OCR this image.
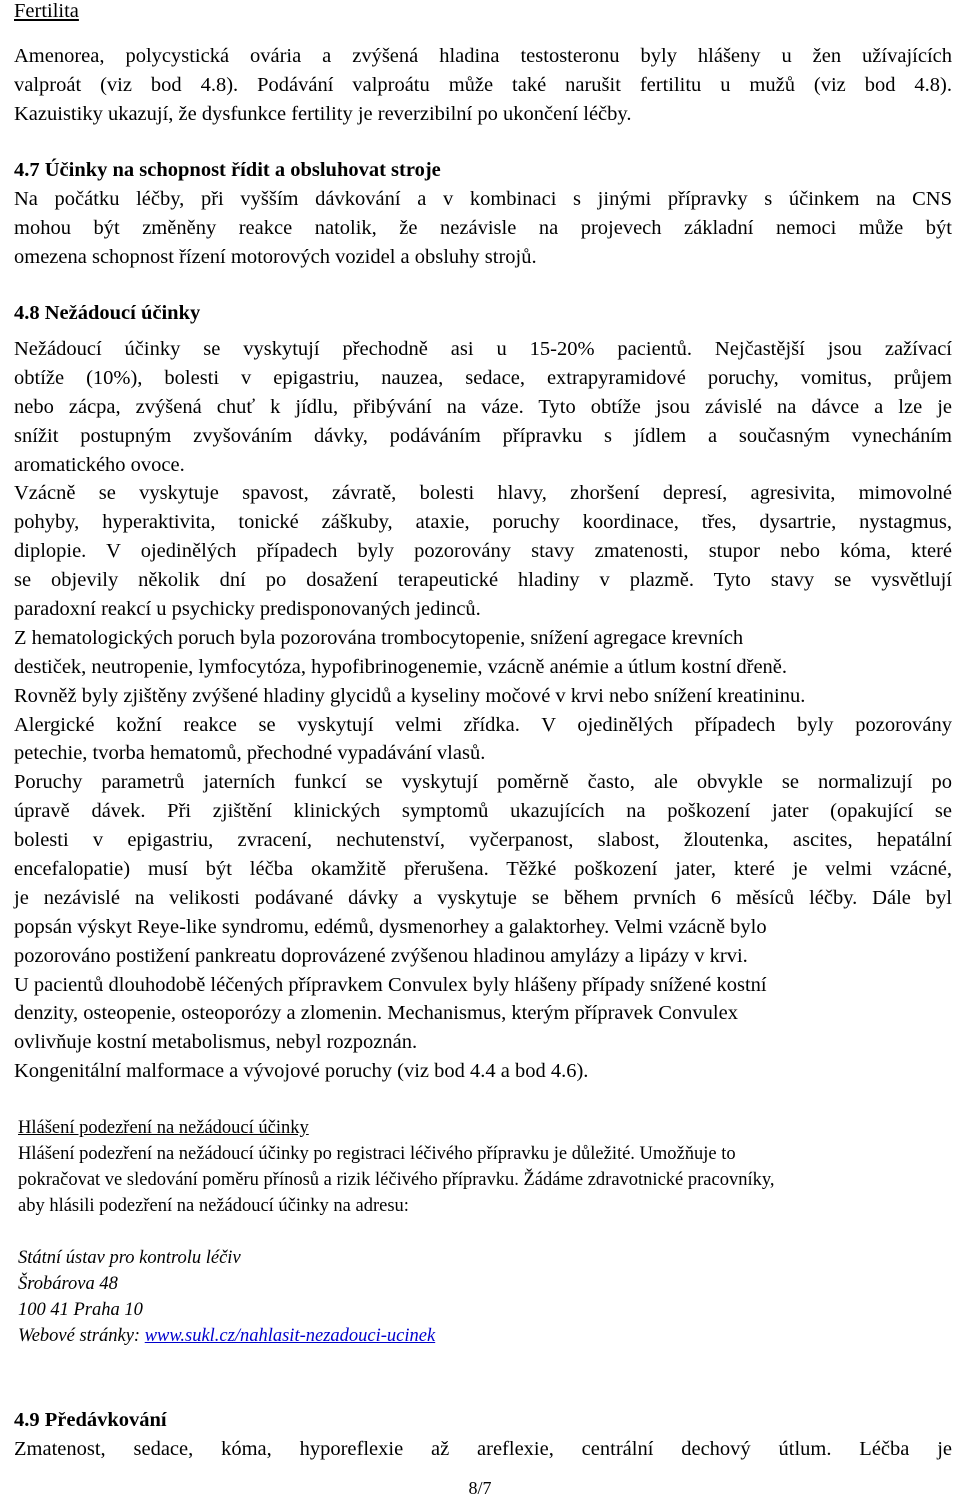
Fertilita
Amenorea, polycystická ovária a zvýšená hladina testosteronu byly hlášeny u žen užívajících
valproát (viz bod 4.8). Podávání valproátu může také narušit fertilitu u mužů (viz bod 4.8).
Kazuistiky ukazují, že dysfunkce fertility je reverzibilní po ukončení léčby.
4.7 Účinky na schopnost řídit a obsluhovat stroje
Na počátku léčby, při vyšším dávkování a v kombinaci s jinými přípravky s účinkem na CNS
mohou být změněny reakce natolik, že nezávisle na projevech základní nemoci může být
omezena schopnost řízení motorových vozidel a obsluhy strojů.
4.8 Nežádoucí účinky
Nežádoucí účinky se vyskytují přechodně asi u 15-20% pacientů. Nejčastější jsou zažívací
obtíže (10%), bolesti v epigastriu, nauzea, sedace, extrapyramidové poruchy, vomitus, průjem
nebo zácpa, zvýšená chuť k jídlu, přibývání na váze. Tyto obtíže jsou závislé na dávce a lze je
snížit postupným zvyšováním dávky, podáváním přípravku s jídlem a současným vynecháním
aromatického ovoce.
Vzácně se vyskytuje spavost, závratě, bolesti hlavy, zhoršení depresí, agresivita, mimovolné
pohyby, hyperaktivita, tonické záškuby, ataxie, poruchy koordinace, třes, dysartrie, nystagmus,
diplopie. V ojedinělých případech byly pozorovány stavy zmatenosti, stupor nebo kóma, které
se objevily několik dní po dosažení terapeutické hladiny v plazmě. Tyto stavy se vysvětlují
paradoxní reakcí u psychicky predisponovaných jedinců.
Z hematologických poruch byla pozorována trombocytopenie, snížení agregace krevních
destiček, neutropenie, lymfocytóza, hypofibrinogenemie, vzácně anémie a útlum kostní dřeně.
Rovněž byly zjištěny zvýšené hladiny glycidů a kyseliny močové v krvi nebo snížení kreatininu.
Alergické kožní reakce se vyskytují velmi zřídka. V ojedinělých případech byly pozorovány
petechie, tvorba hematomů, přechodné vypadávání vlasů.
Poruchy parametrů jaterních funkcí se vyskytují poměrně často, ale obvykle se normalizují po
úpravě dávek. Při zjištění klinických symptomů ukazujících na poškození jater (opakující se
bolesti v epigastriu, zvracení, nechutenství, vyčerpanost, slabost, žloutenka, ascites, hepatální
encefalopatie) musí být léčba okamžitě přerušena. Těžké poškození jater, které je velmi vzácné,
je nezávislé na velikosti podávané dávky a vyskytuje se během prvních 6 měsíců léčby. Dále byl
popsán výskyt Reye-like syndromu, edémů, dysmenorhey a galaktorhey. Velmi vzácně bylo
pozorováno postižení pankreatu doprovázené zvýšenou hladinou amylázy a lipázy v krvi.
U pacientů dlouhodobě léčených přípravkem Convulex byly hlášeny případy snížené kostní
denzity, osteopenie, osteoporózy a zlomenin. Mechanismus, kterým přípravek Convulex
ovlivňuje kostní metabolismus, nebyl rozpoznán.
Kongenitální malformace a vývojové poruchy (viz bod 4.4 a bod 4.6).
Hlášení podezření na nežádoucí účinky
Hlášení podezření na nežádoucí účinky po registraci léčivého přípravku je důležité. Umožňuje to
pokračovat ve sledování poměru přínosů a rizik léčivého přípravku. Žádáme zdravotnické pracovníky,
aby hlásili podezření na nežádoucí účinky na adresu:
Státní ústav pro kontrolu léčiv
Šrobárova 48
100 41 Praha 10
Webové stránky: www.sukl.cz/nahlasit-nezadouci-ucinek
4.9 Předávkování
Zmatenost, sedace, kóma, hyporeflexie až areflexie, centrální dechový útlum. Léčba je
8/7
